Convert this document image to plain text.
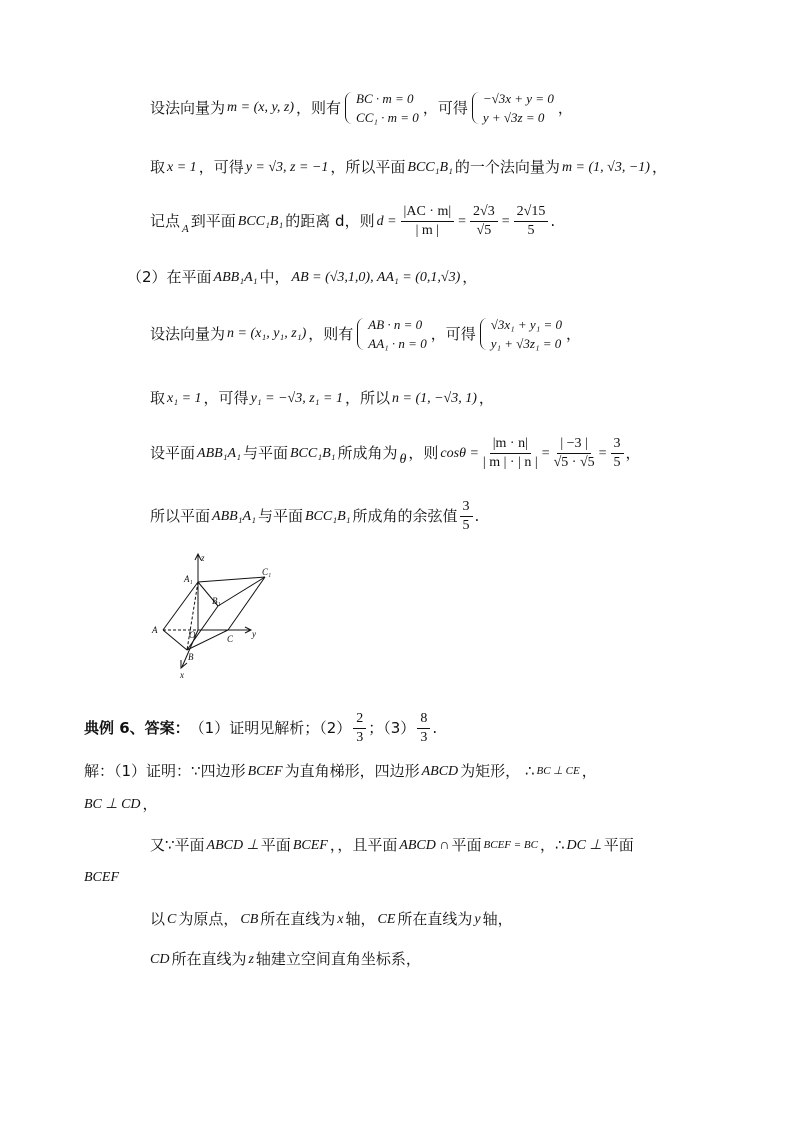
设法向量为 m = (x, y, z) ，则有 BC · m = 0
CC₁ · m = 0
，可得 −√3x + y = 0
y + √3z = 0
，
取 x = 1 ，可得 y = √3, z = −1 ，所以平面 BCC₁B₁ 的一个法向量为 m = (1, √3, −1) ，
记点 A 到平面 BCC₁B₁ 的距离 d，则 $d = \frac{|AC \cdot m|}{| m |} = \frac{2√3}{√5} = \frac{2√15}{5}$ .
（2）在平面 ABB₁A₁ 中， AB = (√3,1,0), AA₁ = (0,1,√3) ，
设法向量为 n = (x₁, y₁, z₁) ，则有 AB · n = 0
AA₁ · n = 0
，可得 √3x₁ + y₁ = 0
y₁ + √3z₁ = 0
，
取 x₁ = 1 ，可得 y₁ = −√3, z₁ = 1 ，所以 n = (1, −√3, 1) ，
设平面 ABB₁A₁ 与平面 BCC₁B₁ 所成角为 θ ，则 $\cos\theta = \frac{|m \cdot n|}{| m | \cdot | n |} = \frac{| -3 |}{√5 \cdot √5} = \frac{3}{5}$ ，
所以平面 ABB₁A₁ 与平面 BCC₁B₁ 所成角的余弦值 $\frac{3}{5}$ .
z
y
x
A₁
C₁
B₁
A	O	C
B
典例 6、答案： （1）证明见解析；$(2) \frac{2}{3}$ ；$(3) \frac{8}{3}$ .
解：（1）证明：∵四边形 BCEF 为直角梯形，四边形 ABCD 为矩形， ∴ BC ⊥ CE ，
BC ⊥ CD ，
又∵平面 ABCD ⊥ 平面 BCEF ，，且平面 ABCD ∩ 平面 BCEF = BC ，∴ DC ⊥ 平面
BCEF
以 C 为原点， CB 所在直线为 x 轴， CE 所在直线为 y 轴，
CD 所在直线为 z 轴建立空间直角坐标系，
